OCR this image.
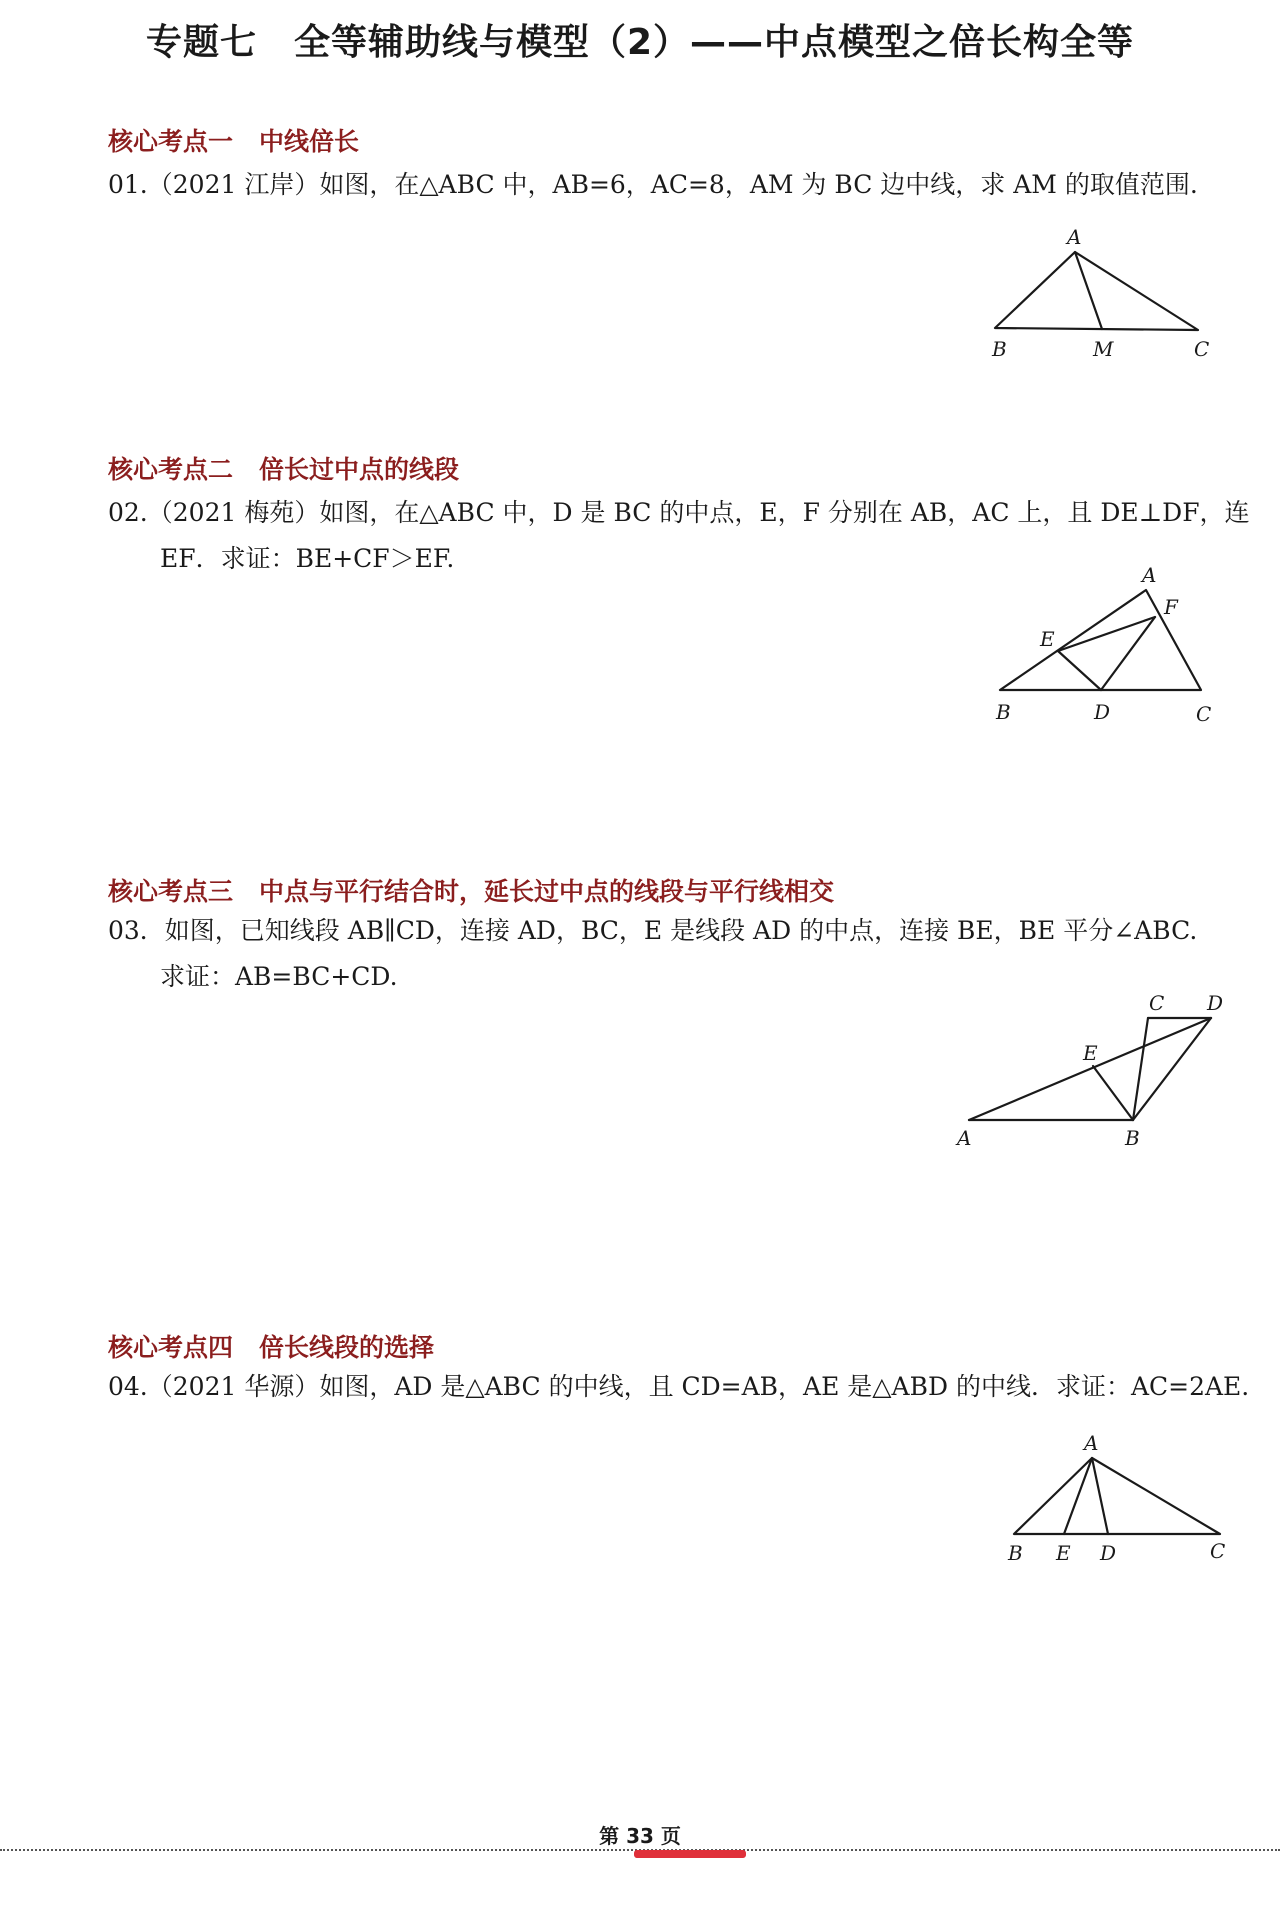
专题七　全等辅助线与模型（2）——中点模型之倍长构全等
核心考点一 中线倍长
01.（2021 江岸）如图，在△ABC 中，AB=6，AC=8，AM 为 BC 边中线，求 AM 的取值范围.
A
B	M	C
核心考点二 倍长过中点的线段
02.（2021 梅苑）如图，在△ABC 中，D 是 BC 的中点，E，F 分别在 AB，AC 上，且 DE⊥DF，连
EF．求证：BE+CF＞EF.
A
F
E
B	D	C
核心考点三 中点与平行结合时，延长过中点的线段与平行线相交
03．如图，已知线段 AB∥CD，连接 AD，BC，E 是线段 AD 的中点，连接 BE，BE 平分∠ABC.
求证：AB=BC+CD.
C D
E
A	B
核心考点四 倍长线段的选择
04.（2021 华源）如图，AD 是△ABC 的中线，且 CD=AB，AE 是△ABD 的中线．求证：AC=2AE.
A
B E D	C
第 33 页
